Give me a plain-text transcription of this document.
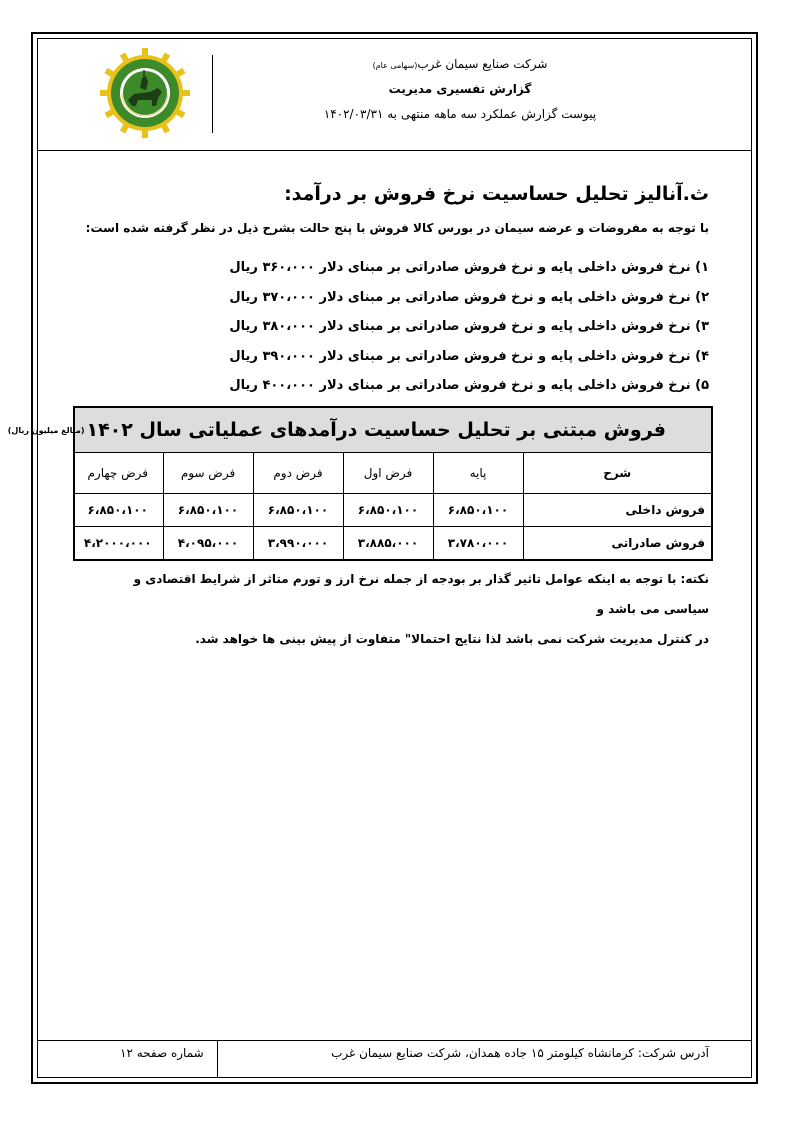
شرکت صنایع سیمان غرب(سهامی عام)
گزارش تفسیری مدیریت
پیوست گزارش عملکرد سه ماهه منتهی به ۱۴۰۲/۰۳/۳۱
ث.آنالیز تحلیل حساسیت نرخ فروش بر درآمد:
با توجه به مفروضات و عرضه سیمان در بورس کالا فروش با پنج حالت بشرح ذیل در نظر گرفته شده است:
۱) نرخ فروش داخلی پایه و نرخ فروش صادراتی بر مبنای دلار ۳۶۰،۰۰۰ ریال
۲) نرخ فروش داخلی پایه و نرخ فروش صادراتی بر مبنای دلار ۳۷۰،۰۰۰ ریال
۳) نرخ فروش داخلی پایه و نرخ فروش صادراتی بر مبنای دلار ۳۸۰،۰۰۰ ریال
۴) نرخ فروش داخلی پایه و نرخ فروش صادراتی بر مبنای دلار ۳۹۰،۰۰۰ ریال
۵) نرخ فروش داخلی پایه و نرخ فروش صادراتی بر مبنای دلار ۴۰۰،۰۰۰ ریال
فروش مبتنی بر تحلیل حساسیت درآمدهای عملیاتی سال ۱۴۰۲
(مبالغ میلیون ریال)
شرح	پایه	فرض اول	فرض دوم	فرض سوم	فرض چهارم
فروش داخلی	۶،۸۵۰،۱۰۰	۶،۸۵۰،۱۰۰	۶،۸۵۰،۱۰۰	۶،۸۵۰،۱۰۰	۶،۸۵۰،۱۰۰
فروش صادراتی	۳،۷۸۰،۰۰۰	۳،۸۸۵،۰۰۰	۳،۹۹۰،۰۰۰	۴،۰۹۵،۰۰۰	۴،۲۰۰۰،۰۰۰
نکته: با توجه به اینکه عوامل تاثیر گذار بر بودجه از جمله نرخ ارز و تورم متاثر از شرایط اقتصادی و سیاسی می باشد و
در کنترل مدیریت شرکت نمی باشد لذا نتایج احتمالا" متفاوت از پیش بینی ها خواهد شد.
آدرس شرکت: کرمانشاه کیلومتر ۱۵ جاده همدان، شرکت صنایع سیمان غرب
شماره صفحه ۱۲
